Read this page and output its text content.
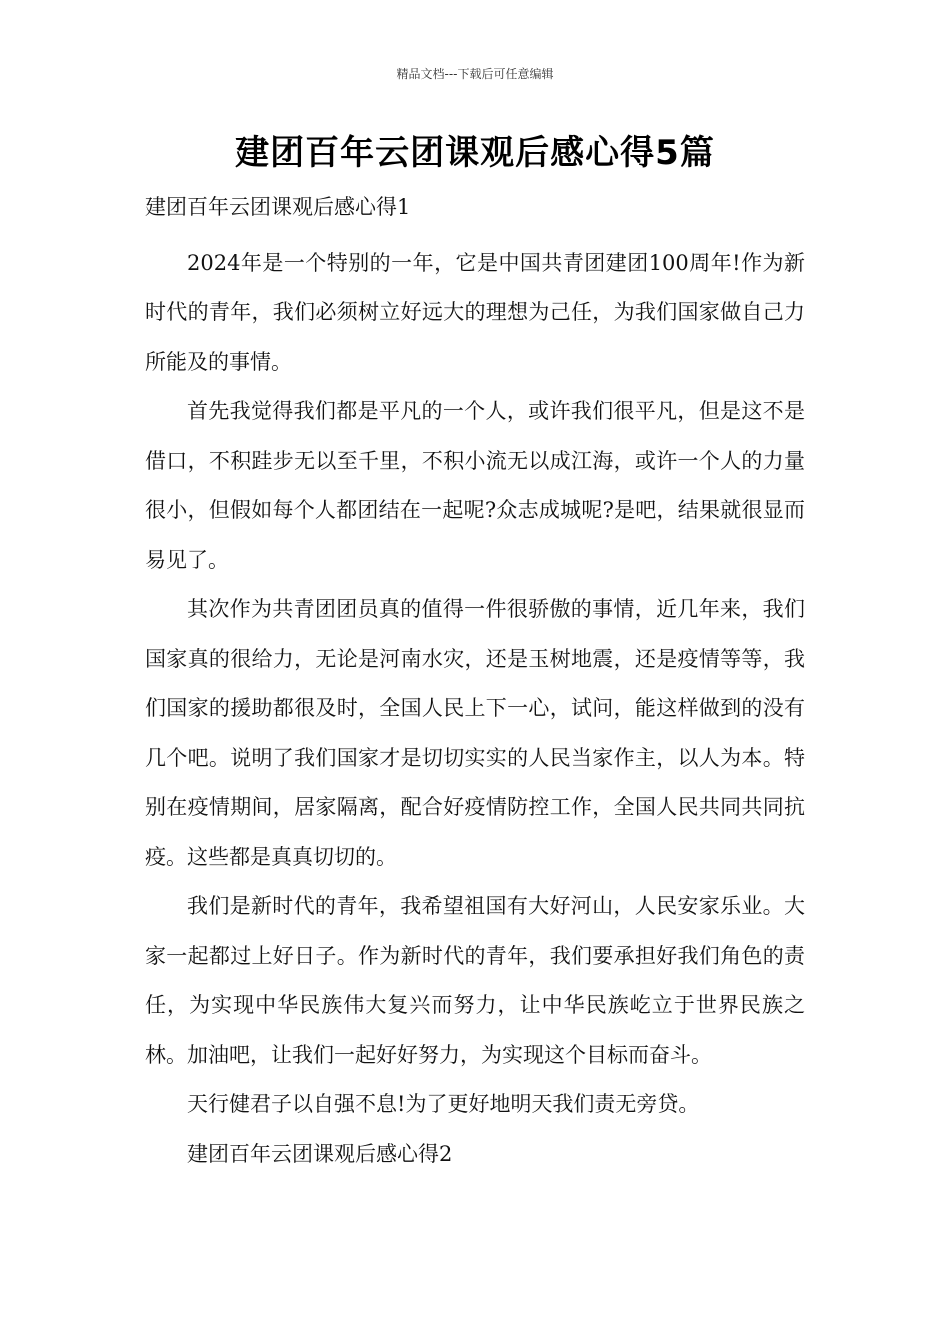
精品文档---下载后可任意编辑
建团百年云团课观后感心得5篇

建团百年云团课观后感心得1

2024年是一个特别的一年，它是中国共青团建团100周年!作为新时代的青年，我们必须树立好远大的理想为己任，为我们国家做自己力所能及的事情。

首先我觉得我们都是平凡的一个人，或许我们很平凡，但是这不是借口，不积跬步无以至千里，不积小流无以成江海，或许一个人的力量很小，但假如每个人都团结在一起呢?众志成城呢?是吧，结果就很显而易见了。

其次作为共青团团员真的值得一件很骄傲的事情，近几年来，我们国家真的很给力，无论是河南水灾，还是玉树地震，还是疫情等等，我们国家的援助都很及时，全国人民上下一心，试问，能这样做到的没有几个吧。说明了我们国家才是切切实实的人民当家作主，以人为本。特别在疫情期间，居家隔离，配合好疫情防控工作，全国人民共同共同抗疫。这些都是真真切切的。

我们是新时代的青年，我希望祖国有大好河山，人民安家乐业。大家一起都过上好日子。作为新时代的青年，我们要承担好我们角色的责任，为实现中华民族伟大复兴而努力，让中华民族屹立于世界民族之林。加油吧，让我们一起好好努力，为实现这个目标而奋斗。

天行健君子以自强不息!为了更好地明天我们责无旁贷。

建团百年云团课观后感心得2
